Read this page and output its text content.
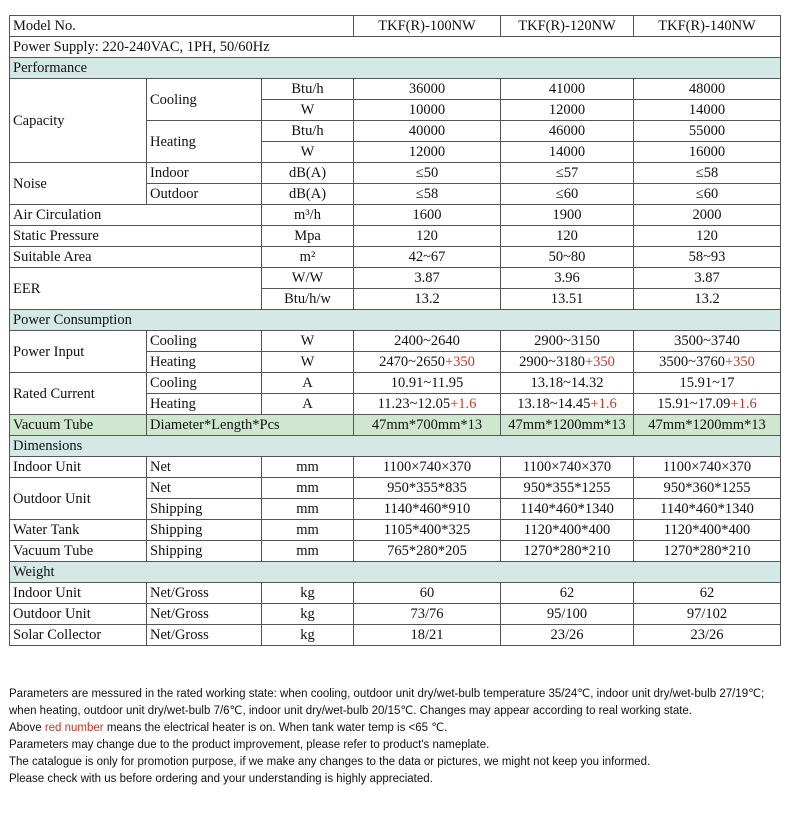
Model No.			TKF(R)-100NW	TKF(R)-120NW	TKF(R)-140NW
Power Supply: 220-240VAC, 1PH, 50/60Hz					
Performance					
Capacity	Cooling	Btu/h	36000	41000	48000
		W	10000	12000	14000
	Heating	Btu/h	40000	46000	55000
		W	12000	14000	16000
Noise	Indoor	dB(A)	≤50	≤57	≤58
	Outdoor	dB(A)	≤58	≤60	≤60
Air Circulation		m³/h	1600	1900	2000
Static Pressure		Mpa	120	120	120
Suitable Area		m²	42~67	50~80	58~93
EER		W/W	3.87	3.96	3.87
		Btu/h/w	13.2	13.51	13.2
Power Consumption					
Power Input	Cooling	W	2400~2640	2900~3150	3500~3740
	Heating	W	2470~2650+350	2900~3180+350	3500~3760+350
Rated Current	Cooling	A	10.91~11.95	13.18~14.32	15.91~17
	Heating	A	11.23~12.05+1.6	13.18~14.45+1.6	15.91~17.09+1.6
Vacuum Tube	Diameter*Length*Pcs		47mm*700mm*13	47mm*1200mm*13	47mm*1200mm*13
Dimensions					
Indoor Unit	Net	mm	1100×740×370	1100×740×370	1100×740×370
Outdoor Unit	Net	mm	950*355*835	950*355*1255	950*360*1255
	Shipping	mm	1140*460*910	1140*460*1340	1140*460*1340
Water Tank	Shipping	mm	1105*400*325	1120*400*400	1120*400*400
Vacuum Tube	Shipping	mm	765*280*205	1270*280*210	1270*280*210
Weight					
Indoor Unit	Net/Gross	kg	60	62	62
Outdoor Unit	Net/Gross	kg	73/76	95/100	97/102
Solar Collector	Net/Gross	kg	18/21	23/26	23/26

Parameters are messured in the rated working state: when cooling, outdoor unit dry/wet-bulb temperature 35/24℃, indoor unit dry/wet-bulb 27/19℃; when heating, outdoor unit dry/wet-bulb 7/6℃, indoor unit dry/wet-bulb 20/15℃. Changes may appear according to real working state.

Above red number means the electrical heater is on. When tank water temp is <65 ℃.

Parameters may change due to the product improvement, please refer to product's nameplate.

The catalogue is only for promotion purpose, if we make any changes to the data or pictures, we might not keep you informed.

Please check with us before ordering and your understanding is highly appreciated.
